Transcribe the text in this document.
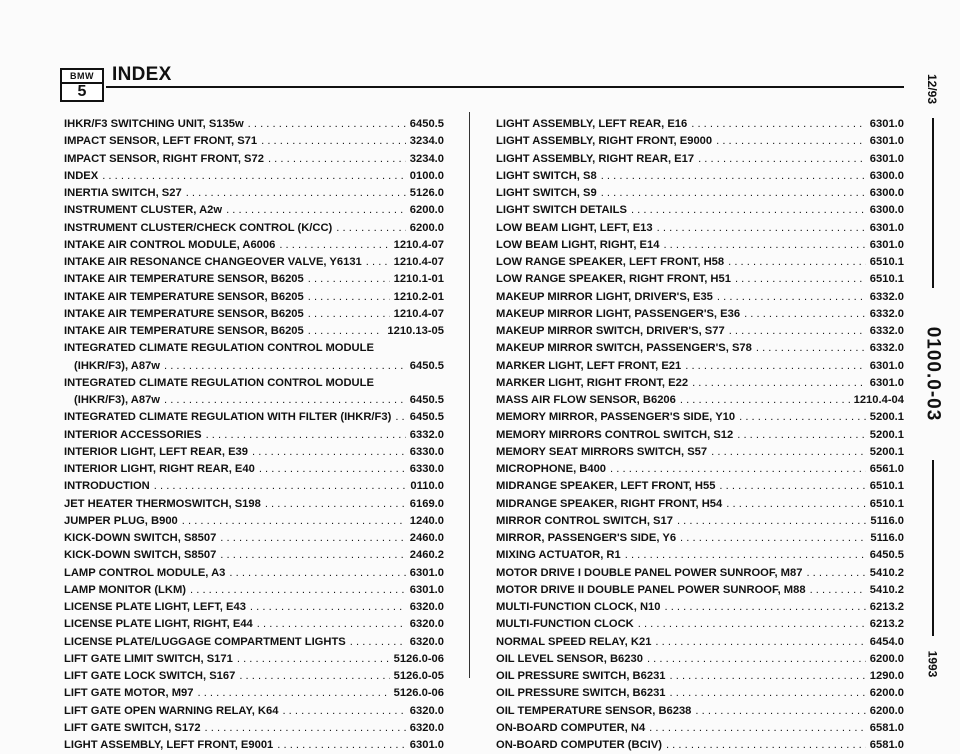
BMW
5
INDEX
IHKR/F3 SWITCHING UNIT, S135w . . .	6450.5
IMPACT SENSOR, LEFT FRONT, S71 . . .	3234.0
IMPACT SENSOR, RIGHT FRONT, S72 . . .	3234.0
INDEX . . .	0100.0
INERTIA SWITCH, S27 . . .	5126.0
INSTRUMENT CLUSTER, A2w . . .	6200.0
INSTRUMENT CLUSTER/CHECK CONTROL (K/CC) . . .	6200.0
INTAKE AIR CONTROL MODULE, A6006 . . .	1210.4-07
INTAKE AIR RESONANCE CHANGEOVER VALVE, Y6131 . . .	1210.4-07
INTAKE AIR TEMPERATURE SENSOR, B6205 . . .	1210.1-01
INTAKE AIR TEMPERATURE SENSOR, B6205 . . .	1210.2-01
INTAKE AIR TEMPERATURE SENSOR, B6205 . . .	1210.4-07
INTAKE AIR TEMPERATURE SENSOR, B6205 . . .	1210.13-05
INTEGRATED CLIMATE REGULATION CONTROL MODULE
(IHKR/F3), A87w . . .	6450.5
INTEGRATED CLIMATE REGULATION CONTROL MODULE
(IHKR/F3), A87w . . .	6450.5
INTEGRATED CLIMATE REGULATION WITH FILTER (IHKR/F3) . . . 6450.5
INTERIOR ACCESSORIES . . .	6332.0
INTERIOR LIGHT, LEFT REAR, E39 . . .	6330.0
INTERIOR LIGHT, RIGHT REAR, E40 . . .	6330.0
INTRODUCTION . . .	0110.0
JET HEATER THERMOSWITCH, S198 . . .	6169.0
JUMPER PLUG, B900 . . .	1240.0
KICK-DOWN SWITCH, S8507 . . .	2460.0
KICK-DOWN SWITCH, S8507 . . .	2460.2
LAMP CONTROL MODULE, A3 . . .	6301.0
LAMP MONITOR (LKM) . . .	6301.0
LICENSE PLATE LIGHT, LEFT, E43 . . .	6320.0
LICENSE PLATE LIGHT, RIGHT, E44 . . .	6320.0
LICENSE PLATE/LUGGAGE COMPARTMENT LIGHTS . . .	6320.0
LIFT GATE LIMIT SWITCH, S171 . . .	5126.0-06
LIFT GATE LOCK SWITCH, S167 . . .	5126.0-05
LIFT GATE MOTOR, M97 . . .	5126.0-06
LIFT GATE OPEN WARNING RELAY, K64 . . .	6320.0
LIFT GATE SWITCH, S172 . . .	6320.0
LIGHT ASSEMBLY, LEFT FRONT, E9001 . . .	6301.0
LIGHT ASSEMBLY, LEFT REAR, E16 . . .	6301.0
LIGHT ASSEMBLY, RIGHT FRONT, E9000 . . .	6301.0
LIGHT ASSEMBLY, RIGHT REAR, E17 . . .	6301.0
LIGHT SWITCH, S8 . . .	6300.0
LIGHT SWITCH, S9 . . .	6300.0
LIGHT SWITCH DETAILS . . .	6300.0
LOW BEAM LIGHT, LEFT, E13 . . .	6301.0
LOW BEAM LIGHT, RIGHT, E14 . . .	6301.0
LOW RANGE SPEAKER, LEFT FRONT, H58 . . .	6510.1
LOW RANGE SPEAKER, RIGHT FRONT, H51 . . .	6510.1
MAKEUP MIRROR LIGHT, DRIVER'S, E35 . . .	6332.0
MAKEUP MIRROR LIGHT, PASSENGER'S, E36 . . .	6332.0
MAKEUP MIRROR SWITCH, DRIVER'S, S77 . . .	6332.0
MAKEUP MIRROR SWITCH, PASSENGER'S, S78 . . .	6332.0
MARKER LIGHT, LEFT FRONT, E21 . . .	6301.0
MARKER LIGHT, RIGHT FRONT, E22 . . .	6301.0
MASS AIR FLOW SENSOR, B6206 . . .	1210.4-04
MEMORY MIRROR, PASSENGER'S SIDE, Y10 . . .	5200.1
MEMORY MIRRORS CONTROL SWITCH, S12 . . .	5200.1
MEMORY SEAT MIRRORS SWITCH, S57 . . .	5200.1
MICROPHONE, B400 . . .	6561.0
MIDRANGE SPEAKER, LEFT FRONT, H55 . . .	6510.1
MIDRANGE SPEAKER, RIGHT FRONT, H54 . . .	6510.1
MIRROR CONTROL SWITCH, S17 . . .	5116.0
MIRROR, PASSENGER'S SIDE, Y6 . . .	5116.0
MIXING ACTUATOR, R1 . . .	6450.5
MOTOR DRIVE I DOUBLE PANEL POWER SUNROOF, M87 . . .	5410.2
MOTOR DRIVE II DOUBLE PANEL POWER SUNROOF, M88 . . .	5410.2
MULTI-FUNCTION CLOCK, N10 . . .	6213.2
MULTI-FUNCTION CLOCK . . .	6213.2
NORMAL SPEED RELAY, K21 . . .	6454.0
OIL LEVEL SENSOR, B6230 . . .	6200.0
OIL PRESSURE SWITCH, B6231 . . .	1290.0
OIL PRESSURE SWITCH, B6231 . . .	6200.0
OIL TEMPERATURE SENSOR, B6238 . . .	6200.0
ON-BOARD COMPUTER, N4 . . .	6581.0
ON-BOARD COMPUTER (BCIV) . . .	6581.0
12/93
0100.0-03
1993
